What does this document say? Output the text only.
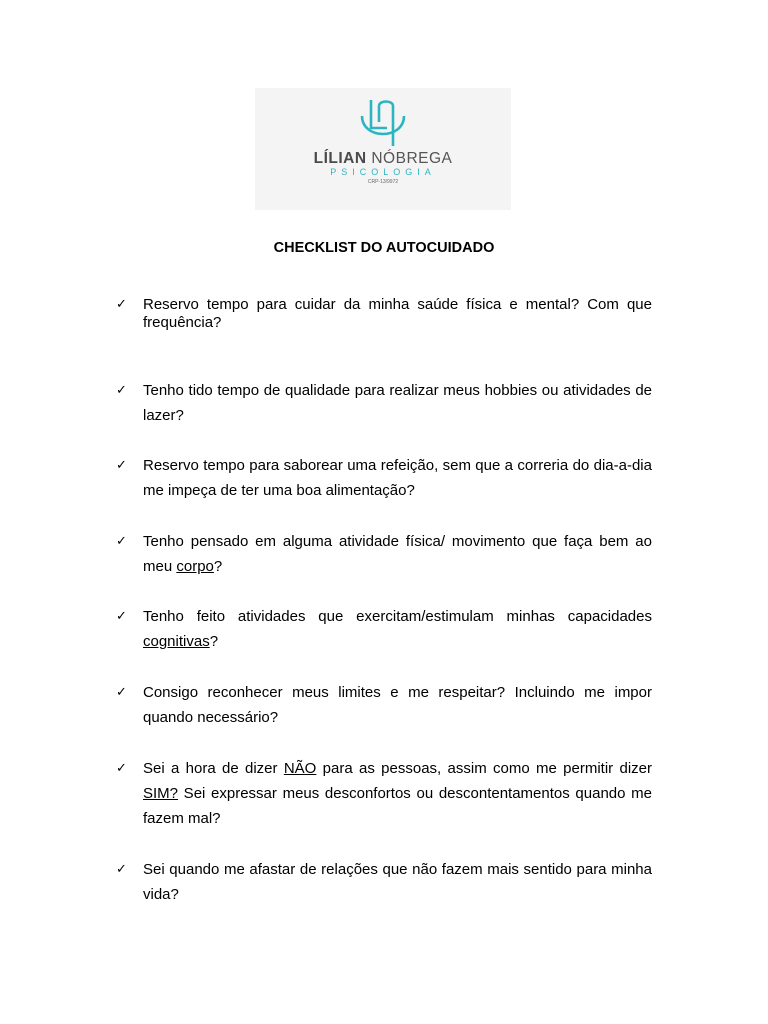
LÍLIAN NÓBREGA
PSICOLOGIA
CRP-13/9972
CHECKLIST DO AUTOCUIDADO
✓ Reservo tempo para cuidar da minha saúde física e mental? Com que frequência?
✓ Tenho tido tempo de qualidade para realizar meus hobbies ou atividades de lazer?
✓ Reservo tempo para saborear uma refeição, sem que a correria do dia-a-dia me impeça de ter uma boa alimentação?
✓ Tenho pensado em alguma atividade física/ movimento que faça bem ao meu corpo?
✓ Tenho feito atividades que exercitam/estimulam minhas capacidades cognitivas?
✓ Consigo reconhecer meus limites e me respeitar? Incluindo me impor quando necessário?
✓ Sei a hora de dizer NÃO para as pessoas, assim como me permitir dizer SIM? Sei expressar meus desconfortos ou descontentamentos quando me fazem mal?
✓ Sei quando me afastar de relações que não fazem mais sentido para minha vida?
